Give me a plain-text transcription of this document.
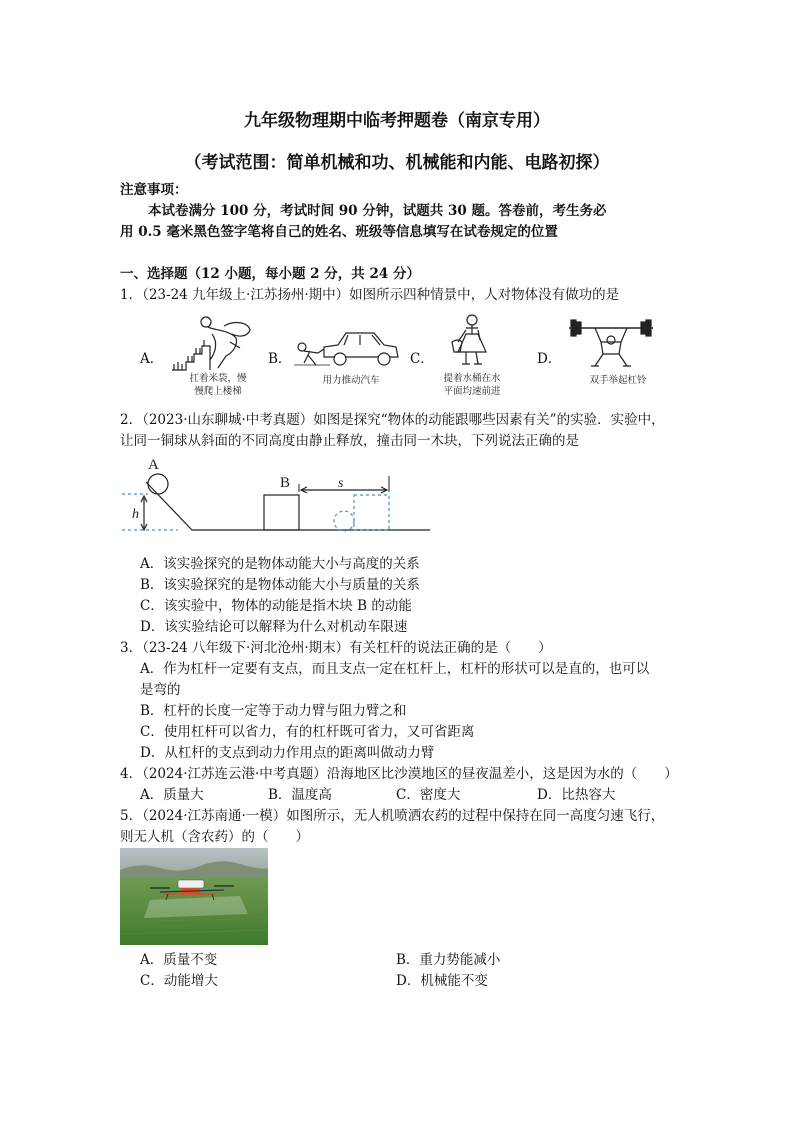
九年级物理期中临考押题卷（南京专用）
（考试范围：简单机械和功、机械能和内能、电路初探）
注意事项：
本试卷满分 100 分，考试时间 90 分钟，试题共 30 题。答卷前，考生务必
用 0.5 毫米黑色签字笔将自己的姓名、班级等信息填写在试卷规定的位置
一、选择题（12 小题，每小题 2 分，共 24 分）
1．（23-24 九年级上·江苏扬州·期中）如图所示四种情景中，人对物体没有做功的是
A．
扛着米袋，慢
慢爬上楼梯
B．
用力推动汽车
C．
提着水桶在水
平面均速前进
D．
双手举起杠铃
2．（2023·山东聊城·中考真题）如图是探究“物体的动能跟哪些因素有关”的实验．实验中，
让同一铜球从斜面的不同高度由静止释放，撞击同一木块，下列说法正确的是
A
B	s
h
A．该实验探究的是物体动能大小与高度的关系
B．该实验探究的是物体动能大小与质量的关系
C．该实验中，物体的动能是指木块 B 的动能
D．该实验结论可以解释为什么对机动车限速
3．（23-24 八年级下·河北沧州·期末）有关杠杆的说法正确的是（　　）
A．作为杠杆一定要有支点，而且支点一定在杠杆上，杠杆的形状可以是直的，也可以
是弯的
B．杠杆的长度一定等于动力臂与阻力臂之和
C．使用杠杆可以省力，有的杠杆既可省力，又可省距离
D．从杠杆的支点到动力作用点的距离叫做动力臂
4．（2024·江苏连云港·中考真题）沿海地区比沙漠地区的昼夜温差小，这是因为水的（　　）
A．质量大	B．温度高	C．密度大	D．比热容大
5．（2024·江苏南通·一模）如图所示，无人机喷洒农药的过程中保持在同一高度匀速飞行，
则无人机（含农药）的（　　）
A．质量不变	B．重力势能减小
C．动能增大	D．机械能不变
